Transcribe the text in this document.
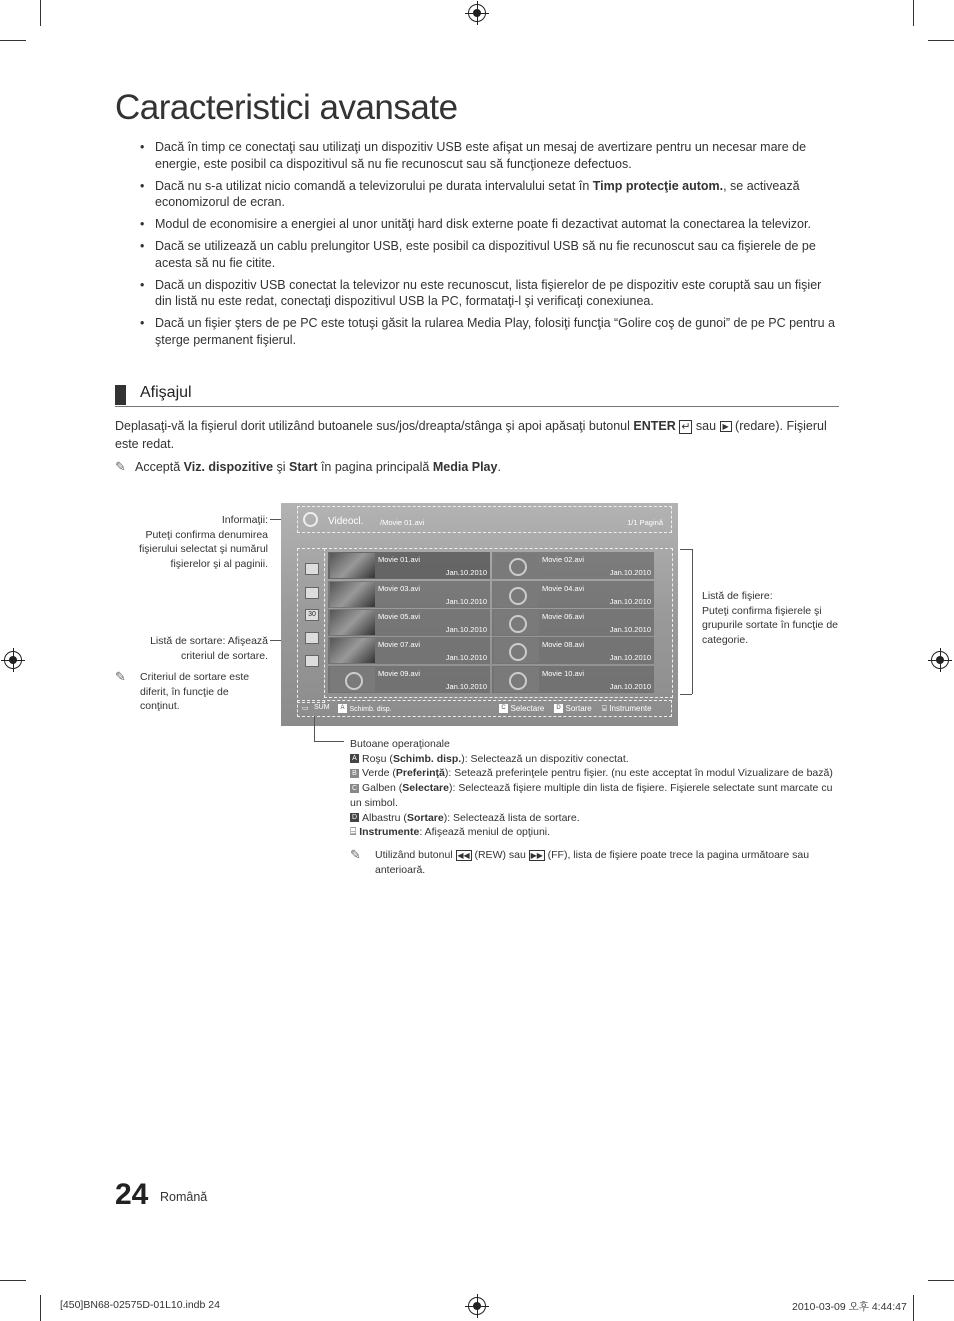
Caracteristici avansate
• Dacă în timp ce conectaţi sau utilizaţi un dispozitiv USB este afişat un mesaj de avertizare pentru un necesar mare de energie, este posibil ca dispozitivul să nu fie recunoscut sau să funcţioneze defectuos.
• Dacă nu s-a utilizat nicio comandă a televizorului pe durata intervalului setat în Timp protecţie autom., se activează economizorul de ecran.
• Modul de economisire a energiei al unor unităţi hard disk externe poate fi dezactivat automat la conectarea la televizor.
• Dacă se utilizează un cablu prelungitor USB, este posibil ca dispozitivul USB să nu fie recunoscut sau ca fişierele de pe acesta să nu fie citite.
• Dacă un dispozitiv USB conectat la televizor nu este recunoscut, lista fişierelor de pe dispozitiv este coruptă sau un fişier din listă nu este redat, conectaţi dispozitivul USB la PC, formataţi-l şi verificaţi conexiunea.
• Dacă un fişier şters de pe PC este totuşi găsit la rularea Media Play, folosiţi funcţia “Golire coş de gunoi” de pe PC pentru a şterge permanent fişierul.
Afişajul
Deplasaţi-vă la fişierul dorit utilizând butoanele sus/jos/dreapta/stânga şi apoi apăsaţi butonul ENTER ↵ sau ▶ (redare). Fişierul este redat.
✎ Acceptă Viz. dispozitive şi Start în pagina principală Media Play.
Informaţii:
Puteţi confirma denumirea fişierului selectat şi numărul fişierelor şi al paginii.
Listă de sortare: Afişează criteriul de sortare.
✎	Criteriul de sortare este diferit, în funcţie de conţinut.
Listă de fişiere:
Puteţi confirma fişierele şi grupurile sortate în funcţie de categorie.
Videocl. /Movie 01.avi	1/1 Pagină
30
Movie 01.avi
Jan.10.2010
Movie 02.avi
Jan.10.2010
Movie 03.avi
Jan.10.2010
Movie 04.avi
Jan.10.2010
Movie 05.avi
Jan.10.2010
Movie 06.avi
Jan.10.2010
Movie 07.avi
Jan.10.2010
Movie 08.avi
Jan.10.2010
Movie 09.avi
Jan.10.2010
Movie 10.avi
Jan.10.2010
▭ SUM	A Schimb. disp.	C Selectare	D Sortare ⌸ Instrumente
Butoane operaţionale
A Roşu (Schimb. disp.): Selectează un dispozitiv conectat.
B Verde (Preferinţă): Setează preferinţele pentru fişier. (nu este acceptat în modul Vizualizare de bază)
C Galben (Selectare): Selectează fişiere multiple din lista de fişiere. Fişierele selectate sunt marcate cu un simbol.
D Albastru (Sortare): Selectează lista de sortare.
⌸ Instrumente: Afişează meniul de opţiuni.
✎	Utilizând butonul ◀◀ (REW) sau ▶▶ (FF), lista de fişiere poate trece la pagina următoare sau anterioară.
24 Română
[450]BN68-02575D-01L10.indb 24	2010-03-09 오후 4:44:47
